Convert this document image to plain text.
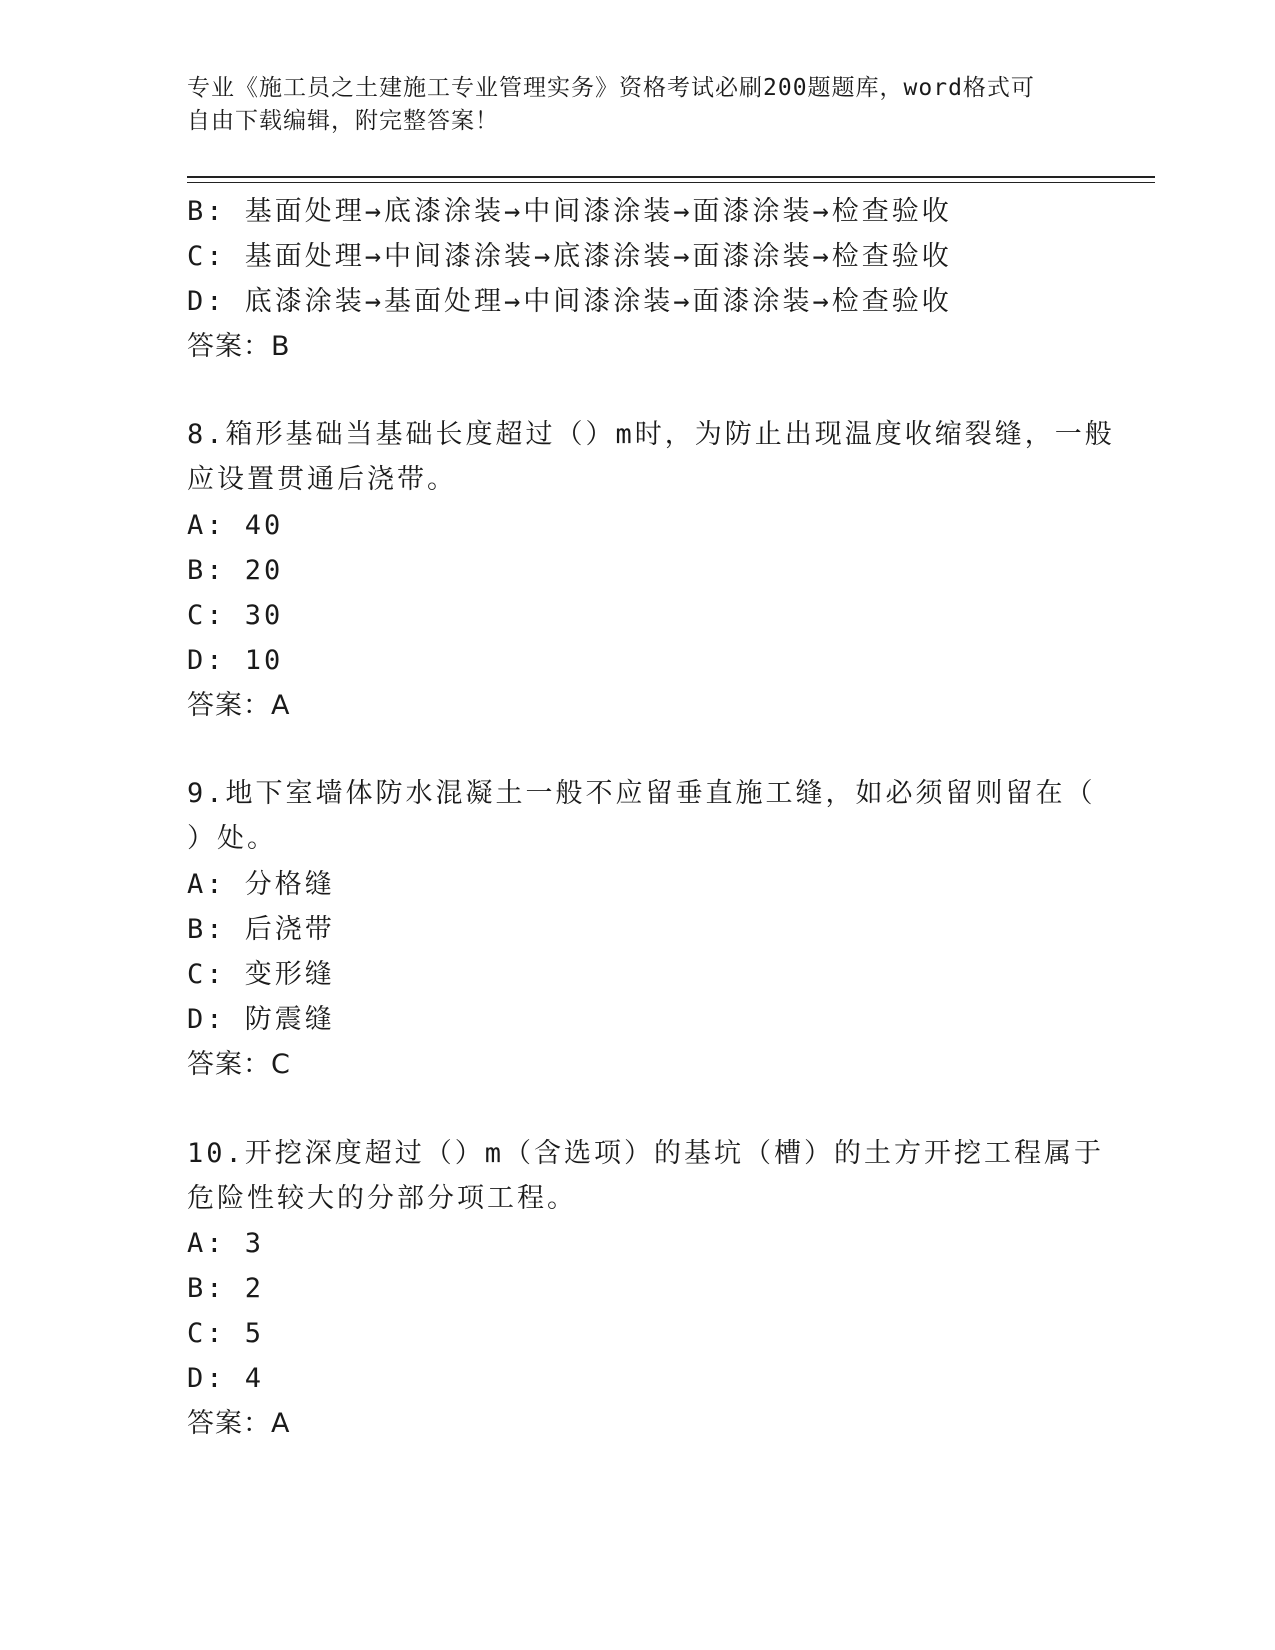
专业《施工员之土建施工专业管理实务》资格考试必刷200题题库，word格式可
自由下载编辑，附完整答案！
B: 基面处理→底漆涂装→中间漆涂装→面漆涂装→检查验收
C: 基面处理→中间漆涂装→底漆涂装→面漆涂装→检查验收
D: 底漆涂装→基面处理→中间漆涂装→面漆涂装→检查验收
答案：B
8.箱形基础当基础长度超过（）m时，为防止出现温度收缩裂缝，一般
应设置贯通后浇带。
A: 40
B: 20
C: 30
D: 10
答案：A
9.地下室墙体防水混凝土一般不应留垂直施工缝，如必须留则留在（
）处。
A: 分格缝
B: 后浇带
C: 变形缝
D: 防震缝
答案：C
10.开挖深度超过（）m（含选项）的基坑（槽）的土方开挖工程属于
危险性较大的分部分项工程。
A: 3
B: 2
C: 5
D: 4
答案：A
